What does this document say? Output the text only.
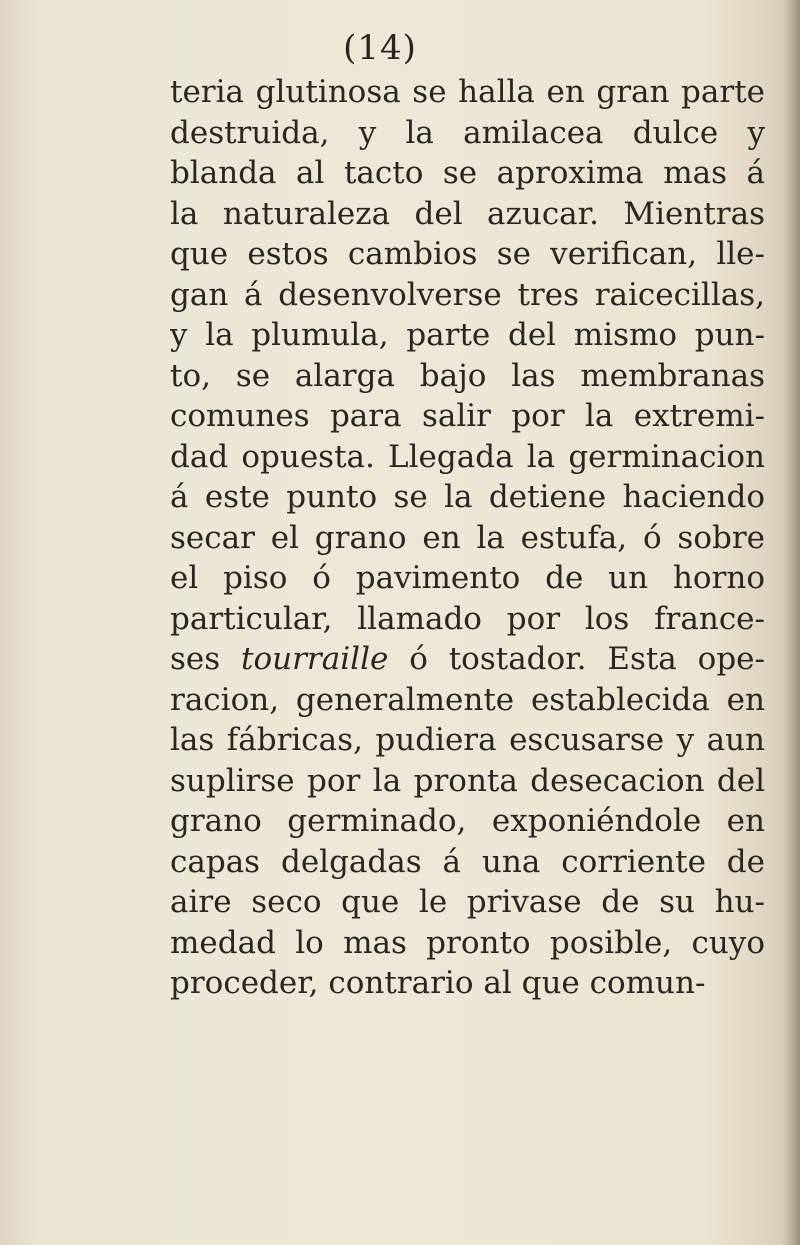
(14)
teria glutinosa se halla en gran parte
destruida, y la amilacea dulce y
blanda al tacto se aproxima mas á
la naturaleza del azucar. Mientras
que estos cambios se verifican, lle-
gan á desenvolverse tres raicecillas,
y la plumula, parte del mismo pun-
to, se alarga bajo las membranas
comunes para salir por la extremi-
dad opuesta. Llegada la germinacion
á este punto se la detiene haciendo
secar el grano en la estufa, ó sobre
el piso ó pavimento de un horno
particular, llamado por los france-
ses tourraille ó tostador. Esta ope-
racion, generalmente establecida en
las fábricas, pudiera escusarse y aun
suplirse por la pronta desecacion del
grano germinado, exponiéndole en
capas delgadas á una corriente de
aire seco que le privase de su hu-
medad lo mas pronto posible, cuyo
proceder, contrario al que comun-
